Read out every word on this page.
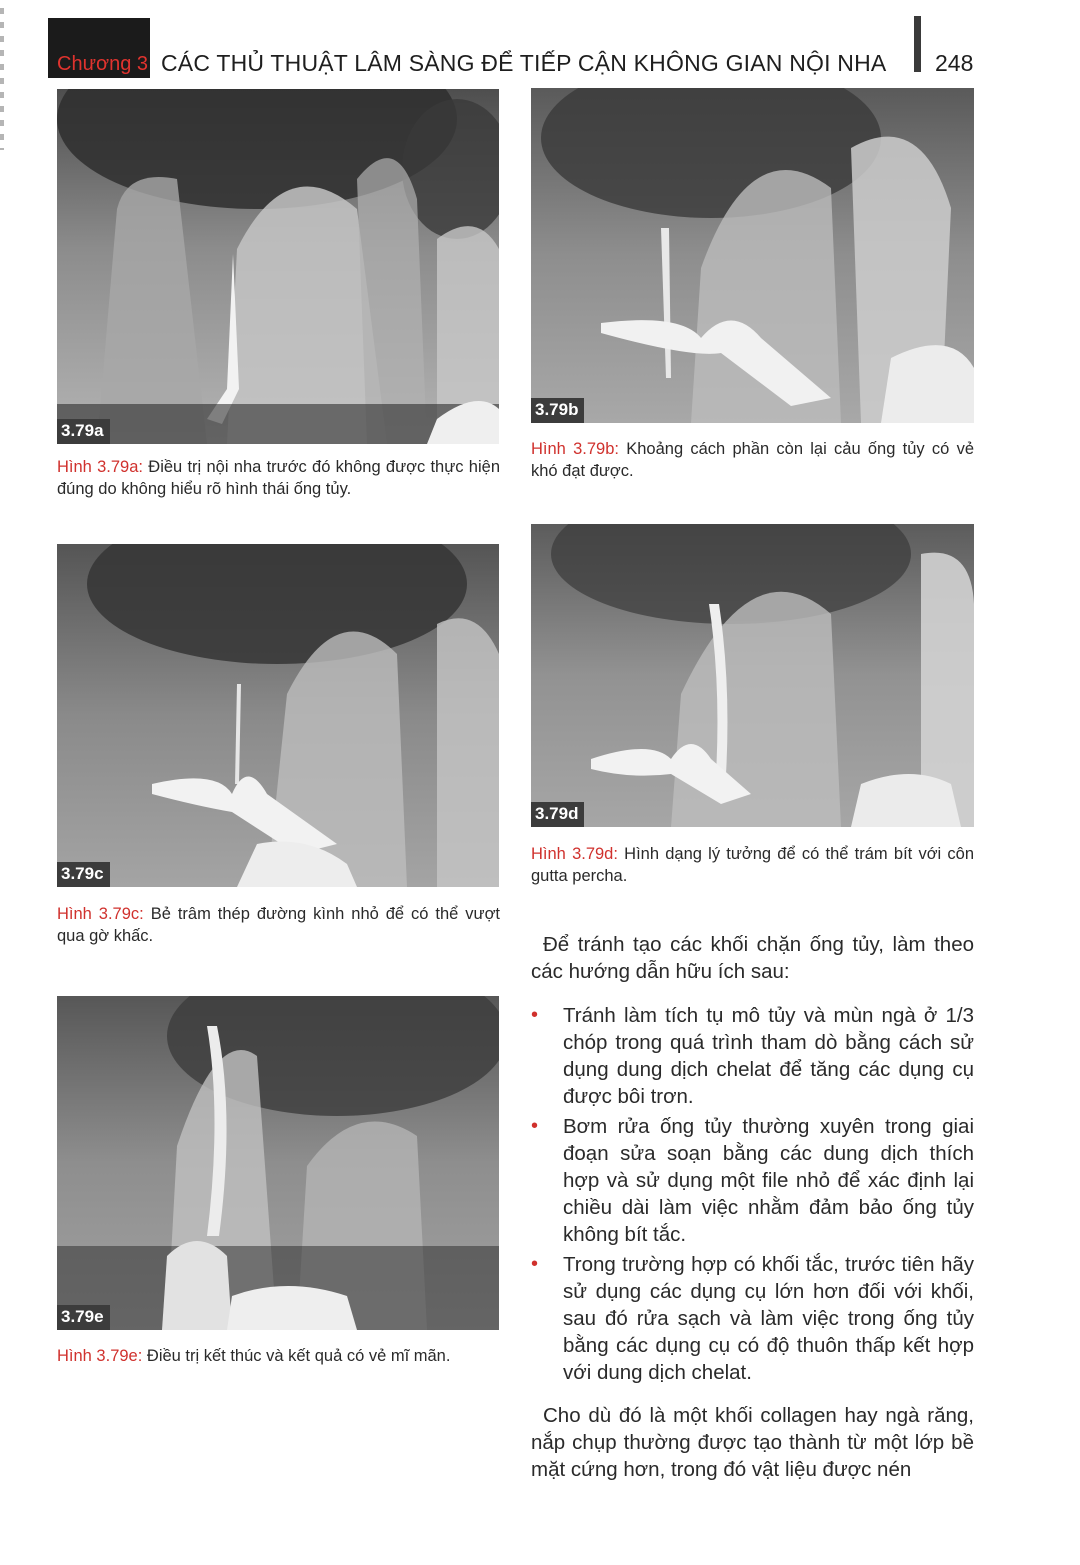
Chương 3 CÁC THỦ THUẬT LÂM SÀNG ĐỂ TIẾP CẬN KHÔNG GIAN NỘI NHA 248
3.79a
Hình 3.79a: Điều trị nội nha trước đó không được thực hiện đúng do không hiểu rõ hình thái ống tủy.
3.79b
Hình 3.79b: Khoảng cách phần còn lại cảu ống tủy có vẻ khó đạt được.
3.79c
Hình 3.79c: Bẻ trâm thép đường kình nhỏ để có thể vượt qua gờ khấc.
3.79d
Hình 3.79d: Hình dạng lý tưởng để có thể trám bít với côn gutta percha.
3.79e
Hình 3.79e: Điều trị kết thúc và kết quả có vẻ mĩ mãn.
Để tránh tạo các khối chặn ống tủy, làm theo các hướng dẫn hữu ích sau:
• Tránh làm tích tụ mô tủy và mùn ngà ở 1/3 chóp trong quá trình tham dò bằng cách sử dụng dung dịch chelat để tăng các dụng cụ được bôi trơn.
• Bơm rửa ống tủy thường xuyên trong giai đoạn sửa soạn bằng các dung dịch thích hợp và sử dụng một file nhỏ để xác định lại chiều dài làm việc nhằm đảm bảo ống tủy không bít tắc.
• Trong trường hợp có khối tắc, trước tiên hãy sử dụng các dụng cụ lớn hơn đối với khối, sau đó rửa sạch và làm việc trong ống tủy bằng các dụng cụ có độ thuôn thấp kết hợp với dung dịch chelat.
Cho dù đó là một khối collagen hay ngà răng, nắp chụp thường được tạo thành từ một lớp bề mặt cứng hơn, trong đó vật liệu được nén
